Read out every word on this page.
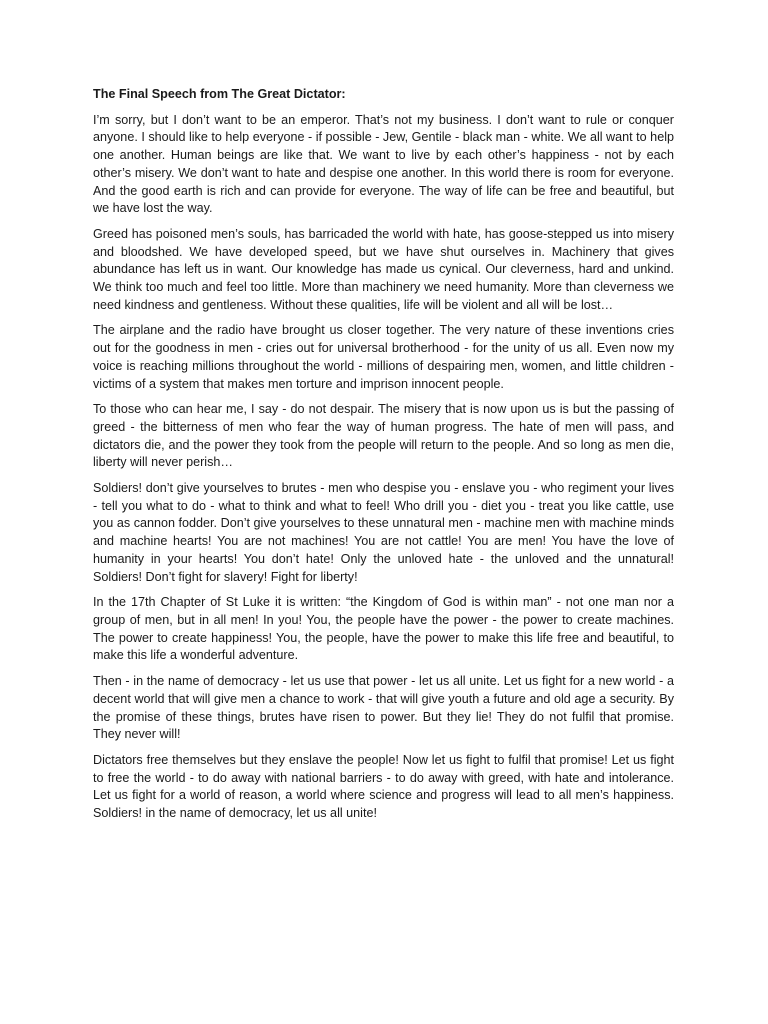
The Final Speech from The Great Dictator:

I’m sorry, but I don’t want to be an emperor. That’s not my business. I don’t want to rule or conquer anyone. I should like to help everyone - if possible - Jew, Gentile - black man - white. We all want to help one another. Human beings are like that. We want to live by each other’s happiness - not by each other’s misery. We don’t want to hate and despise one another. In this world there is room for everyone. And the good earth is rich and can provide for everyone. The way of life can be free and beautiful, but we have lost the way.

Greed has poisoned men’s souls, has barricaded the world with hate, has goose-stepped us into misery and bloodshed. We have developed speed, but we have shut ourselves in. Machinery that gives abundance has left us in want. Our knowledge has made us cynical. Our cleverness, hard and unkind. We think too much and feel too little. More than machinery we need humanity. More than cleverness we need kindness and gentleness. Without these qualities, life will be violent and all will be lost…

The airplane and the radio have brought us closer together. The very nature of these inventions cries out for the goodness in men - cries out for universal brotherhood - for the unity of us all. Even now my voice is reaching millions throughout the world - millions of despairing men, women, and little children - victims of a system that makes men torture and imprison innocent people.

To those who can hear me, I say - do not despair. The misery that is now upon us is but the passing of greed - the bitterness of men who fear the way of human progress. The hate of men will pass, and dictators die, and the power they took from the people will return to the people. And so long as men die, liberty will never perish…

Soldiers! don’t give yourselves to brutes - men who despise you - enslave you - who regiment your lives - tell you what to do - what to think and what to feel! Who drill you - diet you - treat you like cattle, use you as cannon fodder. Don’t give yourselves to these unnatural men - machine men with machine minds and machine hearts! You are not machines! You are not cattle! You are men! You have the love of humanity in your hearts! You don’t hate! Only the unloved hate - the unloved and the unnatural! Soldiers! Don’t fight for slavery! Fight for liberty!

In the 17th Chapter of St Luke it is written: “the Kingdom of God is within man” - not one man nor a group of men, but in all men! In you! You, the people have the power - the power to create machines. The power to create happiness! You, the people, have the power to make this life free and beautiful, to make this life a wonderful adventure.

Then - in the name of democracy - let us use that power - let us all unite. Let us fight for a new world - a decent world that will give men a chance to work - that will give youth a future and old age a security. By the promise of these things, brutes have risen to power. But they lie! They do not fulfil that promise. They never will!

Dictators free themselves but they enslave the people! Now let us fight to fulfil that promise! Let us fight to free the world - to do away with national barriers - to do away with greed, with hate and intolerance. Let us fight for a world of reason, a world where science and progress will lead to all men’s happiness. Soldiers! in the name of democracy, let us all unite!
